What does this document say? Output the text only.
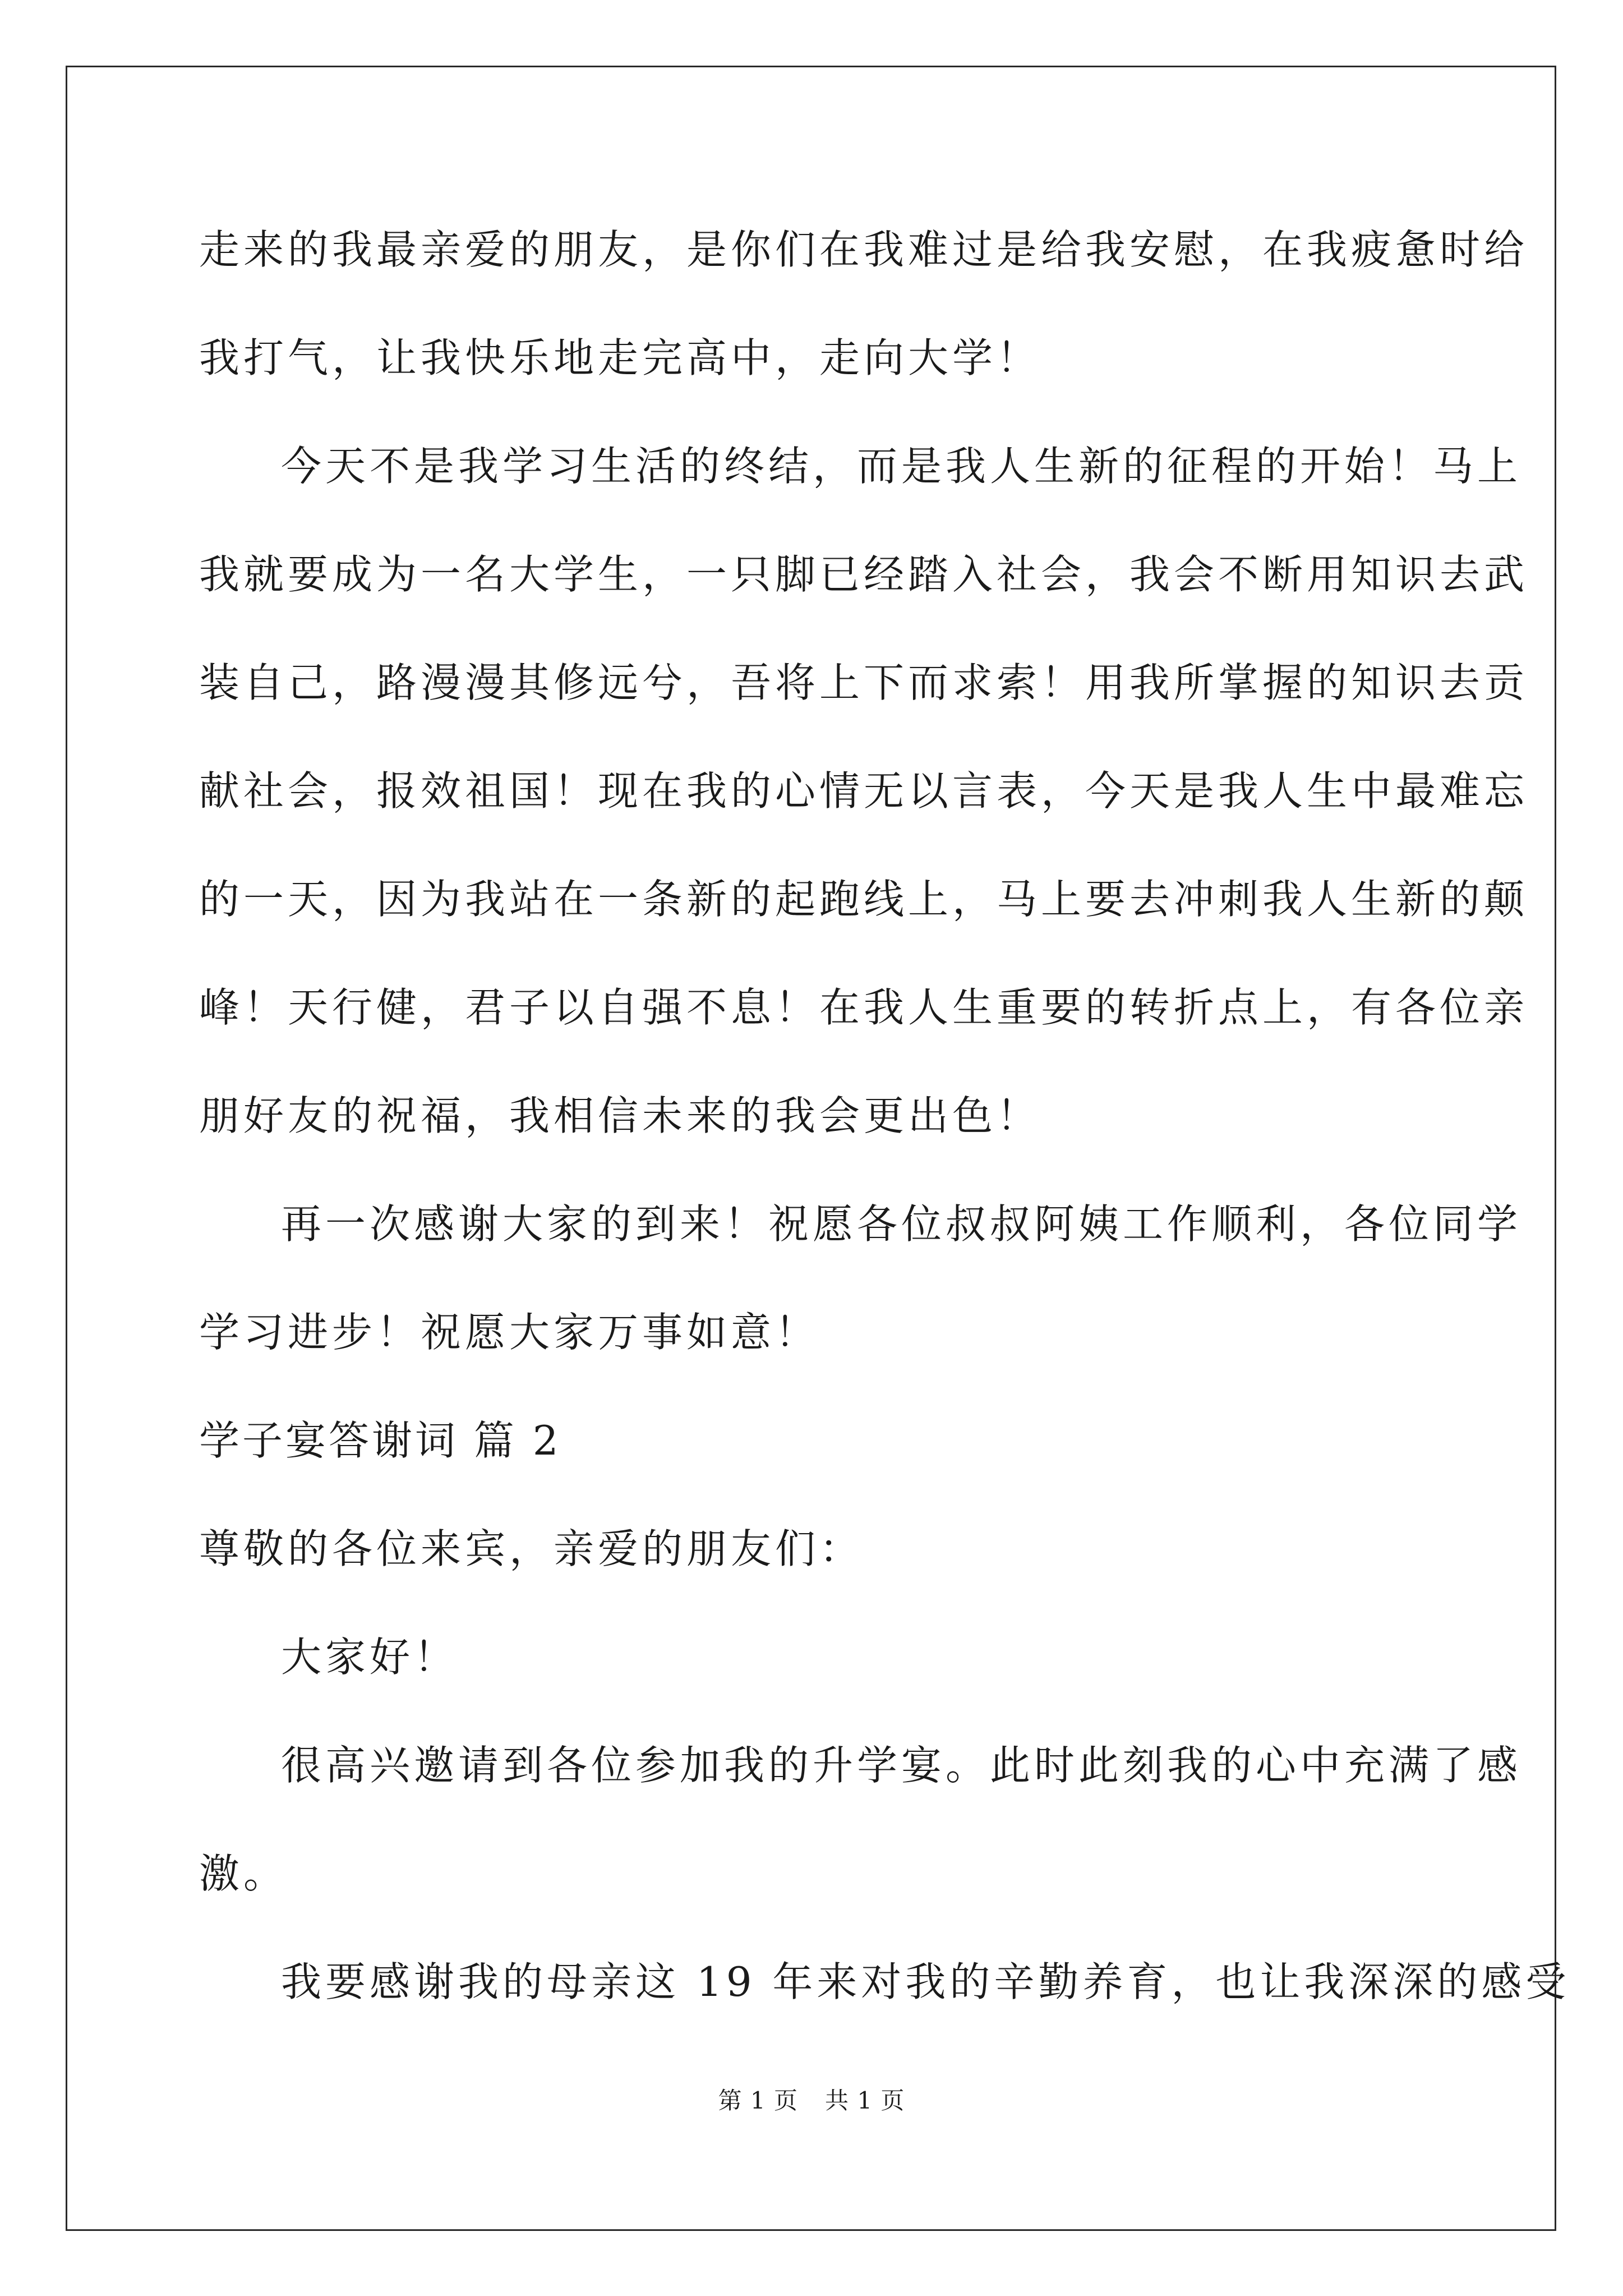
走来的我最亲爱的朋友，是你们在我难过是给我安慰，在我疲惫时给
我打气，让我快乐地走完高中，走向大学！
今天不是我学习生活的终结，而是我人生新的征程的开始！马上
我就要成为一名大学生，一只脚已经踏入社会，我会不断用知识去武
装自己，路漫漫其修远兮，吾将上下而求索！用我所掌握的知识去贡
献社会，报效祖国！现在我的心情无以言表，今天是我人生中最难忘
的一天，因为我站在一条新的起跑线上，马上要去冲刺我人生新的颠
峰！天行健，君子以自强不息！在我人生重要的转折点上，有各位亲
朋好友的祝福，我相信未来的我会更出色！
再一次感谢大家的到来！祝愿各位叔叔阿姨工作顺利，各位同学
学习进步！祝愿大家万事如意！
学子宴答谢词 篇 2
尊敬的各位来宾，亲爱的朋友们：
大家好！
很高兴邀请到各位参加我的升学宴。此时此刻我的心中充满了感
激。
我要感谢我的母亲这 19 年来对我的辛勤养育，也让我深深的感受
第 1 页 共 1 页
